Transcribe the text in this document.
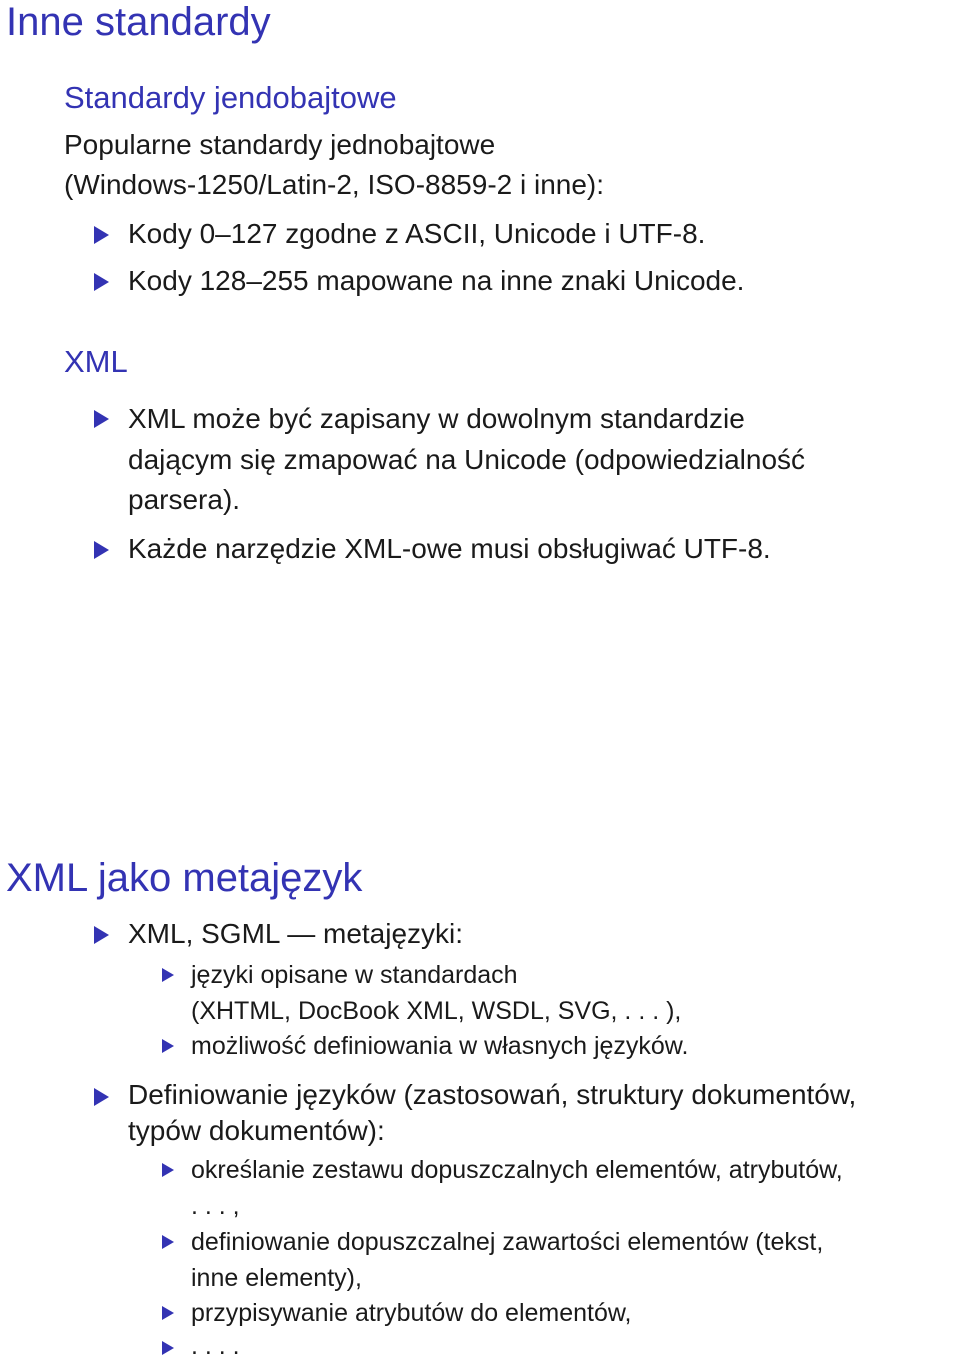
Inne standardy
Standardy jendobajtowe
Popularne standardy jednobajtowe
(Windows-1250/Latin-2, ISO-8859-2 i inne):
Kody 0–127 zgodne z ASCII, Unicode i UTF-8.
Kody 128–255 mapowane na inne znaki Unicode.
XML
XML może być zapisany w dowolnym standardzie
dającym się zmapować na Unicode (odpowiedzialność
parsera).
Każde narzędzie XML-owe musi obsługiwać UTF-8.
XML jako metajęzyk
XML, SGML — metajęzyki:
języki opisane w standardach
(XHTML, DocBook XML, WSDL, SVG, . . . ),
możliwość definiowania w własnych języków.
Definiowanie języków (zastosowań, struktury dokumentów,
typów dokumentów):
określanie zestawu dopuszczalnych elementów, atrybutów,
. . . ,
definiowanie dopuszczalnej zawartości elementów (tekst,
inne elementy),
przypisywanie atrybutów do elementów,
. . . .
